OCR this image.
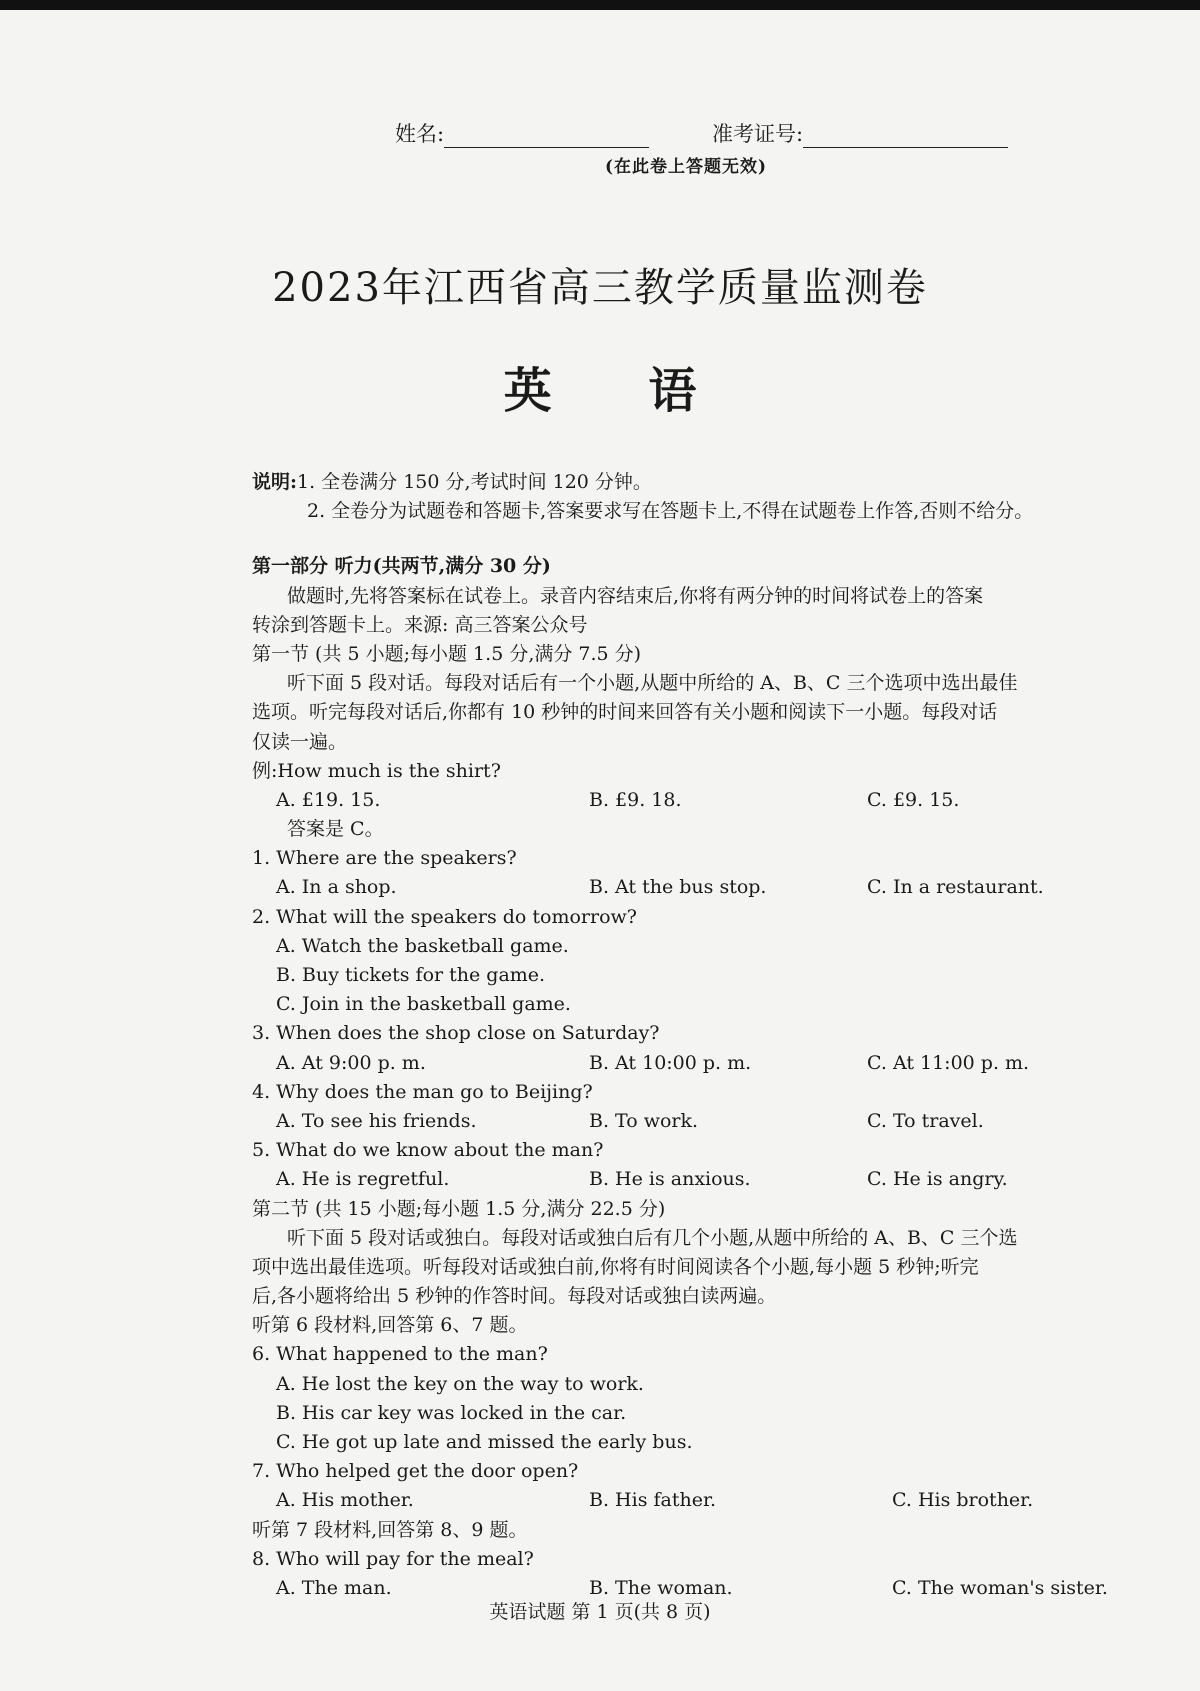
姓名:	准考证号:
(在此卷上答题无效)
2023年江西省高三教学质量监测卷
英 语
说明:1. 全卷满分 150 分,考试时间 120 分钟。
2. 全卷分为试题卷和答题卡,答案要求写在答题卡上,不得在试题卷上作答,否则不给分。
第一部分 听力(共两节,满分 30 分)
做题时,先将答案标在试卷上。录音内容结束后,你将有两分钟的时间将试卷上的答案
转涂到答题卡上。来源: 高三答案公众号
第一节 (共 5 小题;每小题 1.5 分,满分 7.5 分)
听下面 5 段对话。每段对话后有一个小题,从题中所给的 A、B、C 三个选项中选出最佳
选项。听完每段对话后,你都有 10 秒钟的时间来回答有关小题和阅读下一小题。每段对话
仅读一遍。
例:How much is the shirt?
A. £19. 15.	B. £9. 18.	C. £9. 15.
答案是 C。
1. Where are the speakers?
A. In a shop.	B. At the bus stop.	C. In a restaurant.
2. What will the speakers do tomorrow?
A. Watch the basketball game.
B. Buy tickets for the game.
C. Join in the basketball game.
3. When does the shop close on Saturday?
A. At 9:00 p. m.	B. At 10:00 p. m.	C. At 11:00 p. m.
4. Why does the man go to Beijing?
A. To see his friends.	B. To work.	C. To travel.
5. What do we know about the man?
A. He is regretful.	B. He is anxious.	C. He is angry.
第二节 (共 15 小题;每小题 1.5 分,满分 22.5 分)
听下面 5 段对话或独白。每段对话或独白后有几个小题,从题中所给的 A、B、C 三个选
项中选出最佳选项。听每段对话或独白前,你将有时间阅读各个小题,每小题 5 秒钟;听完
后,各小题将给出 5 秒钟的作答时间。每段对话或独白读两遍。
听第 6 段材料,回答第 6、7 题。
6. What happened to the man?
A. He lost the key on the way to work.
B. His car key was locked in the car.
C. He got up late and missed the early bus.
7. Who helped get the door open?
A. His mother.	B. His father.	C. His brother.
听第 7 段材料,回答第 8、9 题。
8. Who will pay for the meal?
A. The man.	B. The woman.	C. The woman's sister.
英语试题 第 1 页(共 8 页)
